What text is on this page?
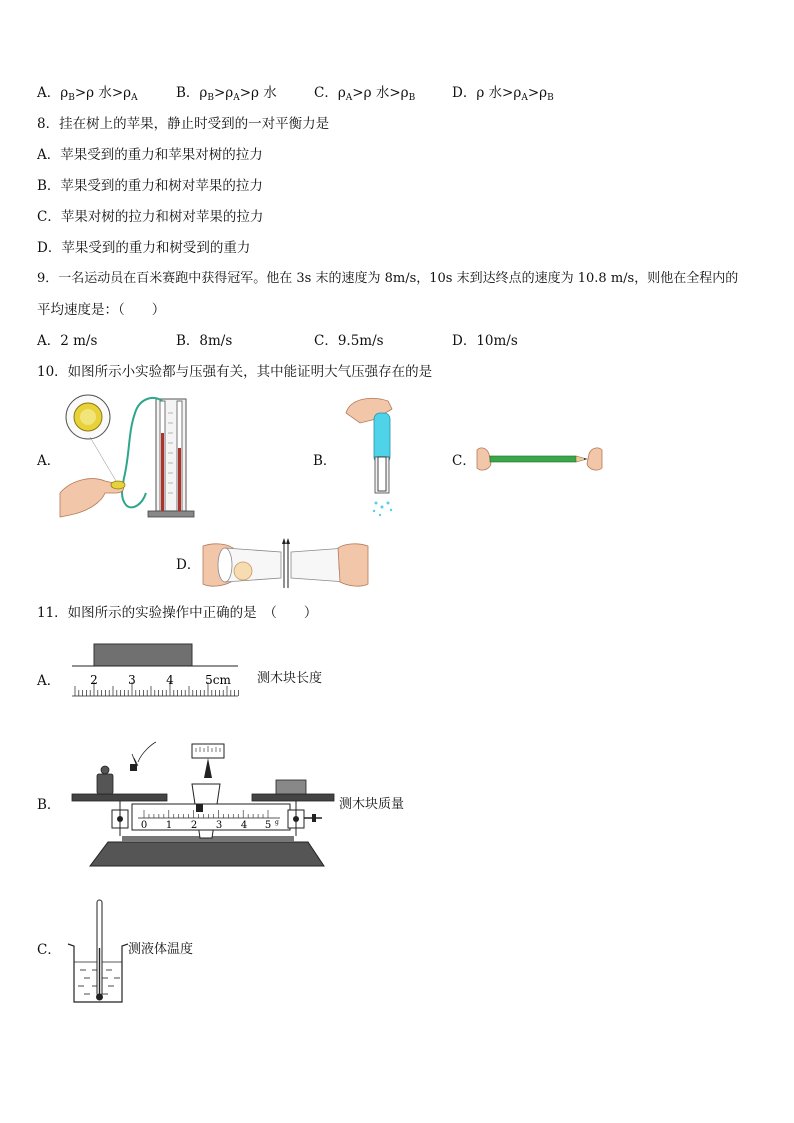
A．$\rho_B>\rho$ 水$>\rho_A$	B．$\rho_B>\rho_A>\rho$ 水	C．$\rho_A>\rho$ 水$>\rho_B$	D．ρ 水$>\rho_A>\rho_B$
8．挂在树上的苹果，静止时受到的一对平衡力是
A．苹果受到的重力和苹果对树的拉力
B．苹果受到的重力和树对苹果的拉力
C．苹果对树的拉力和树对苹果的拉力
D．苹果受到的重力和树受到的重力
9．一名运动员在百米赛跑中获得冠军。他在 3s 末的速度为 8m/s，10s 末到达终点的速度为 10.8 m/s，则他在全程内的
平均速度是：（　　）
A．2 m/s	B．8m/s	C．9.5m/s	D．10m/s
10．如图所示小实验都与压强有关，其中能证明大气压强存在的是
A．	B．	C．
D．
11．如图所示的实验操作中正确的是　（　　）
A． 2	3	4	5cm 测木块长度
B．
0 1 2 3 4 5 g
测木块质量
C．	测液体温度
